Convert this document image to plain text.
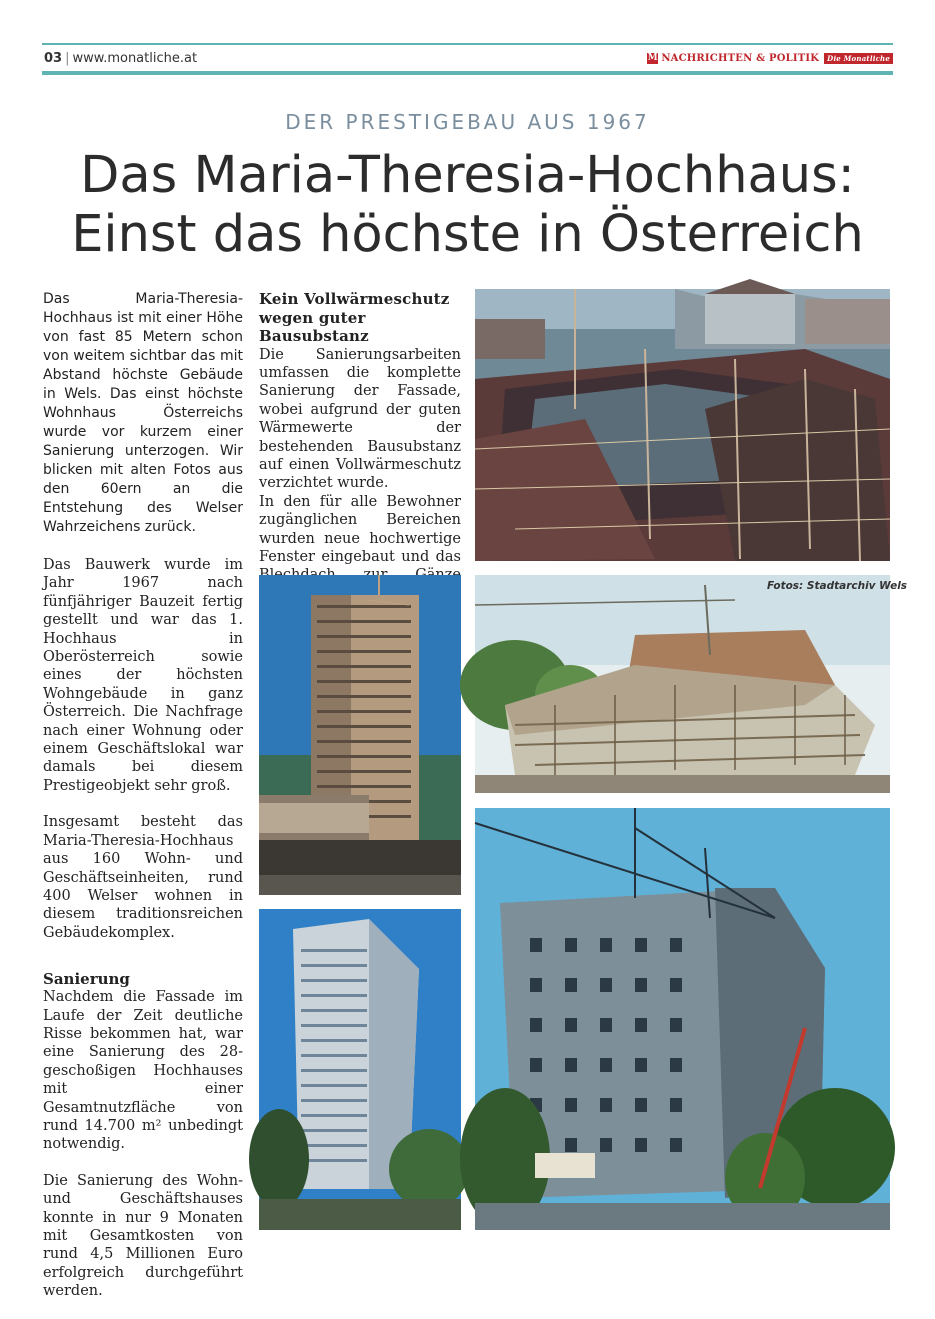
03 | www.monatliche.at	M NACHRICHTEN & POLITIK	Die Monatliche
DER PRESTIGEBAU AUS 1967
Das Maria-Theresia-Hochhaus: Einst das höchste in Österreich

Das Maria-Theresia-Hochhaus ist mit einer Höhe von fast 85 Metern schon von weitem sichtbar das mit Abstand höchste Gebäude in Wels. Das einst höchste Wohnhaus Österreichs wurde vor kurzem einer Sanierung unterzogen. Wir blicken mit alten Fotos aus den 60ern an die Entstehung des Welser Wahrzeichens zurück.

Das Bauwerk wurde im Jahr 1967 nach fünfjähriger Bauzeit fertig gestellt und war das 1. Hochhaus in Oberösterreich sowie eines der höchsten Wohngebäude in ganz Österreich. Die Nachfrage nach einer Wohnung oder einem Geschäftslokal war damals bei diesem Prestigeobjekt sehr groß.

Insgesamt besteht das Maria-Theresia-Hochhaus aus 160 Wohn- und Geschäftseinheiten, rund 400 Welser wohnen in diesem traditionsreichen Gebäudekomplex.

Sanierung

Nachdem die Fassade im Laufe der Zeit deutliche Risse bekommen hat, war eine Sanierung des 28-geschoßigen Hochhauses mit einer Gesamtnutzfläche von rund 14.700 m² unbedingt notwendig.

Die Sanierung des Wohn- und Geschäftshauses konnte in nur 9 Monaten mit Gesamtkosten von rund 4,5 Millionen Euro erfolgreich durchgeführt werden.

Kein Vollwärmeschutz wegen guter Bausubstanz

Die Sanierungsarbeiten umfassen die komplette Sanierung der Fassade, wobei aufgrund der guten Wärmewerte der bestehenden Bausubstanz auf einen Vollwärmeschutz verzichtet wurde.

In den für alle Bewohner zugänglichen Bereichen wurden neue hochwertige Fenster eingebaut und das

Fotos: Stadtarchiv Wels
